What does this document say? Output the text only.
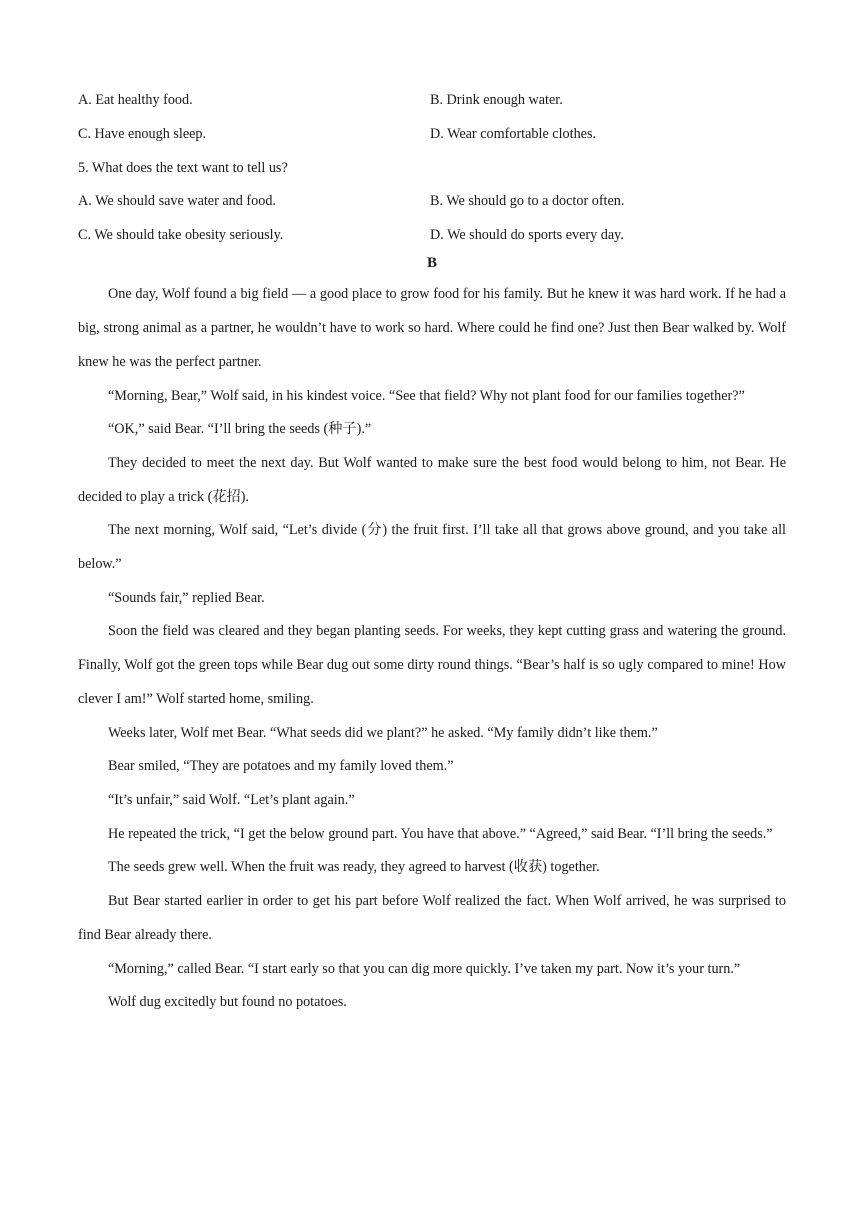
A. Eat healthy food.	B. Drink enough water.
C. Have enough sleep.	D. Wear comfortable clothes.
5. What does the text want to tell us?
A. We should save water and food.	B. We should go to a doctor often.
C. We should take obesity seriously.	D. We should do sports every day.
B

One day, Wolf found a big field — a good place to grow food for his family. But he knew it was hard work. If he had a big, strong animal as a partner, he wouldn’t have to work so hard. Where could he find one? Just then Bear walked by. Wolf knew he was the perfect partner.

“Morning, Bear,” Wolf said, in his kindest voice. “See that field? Why not plant food for our families together?”

“OK,” said Bear. “I’ll bring the seeds (种子).”

They decided to meet the next day. But Wolf wanted to make sure the best food would belong to him, not Bear. He decided to play a trick (花招).

The next morning, Wolf said, “Let’s divide (分) the fruit first. I’ll take all that grows above ground, and you take all below.”

“Sounds fair,” replied Bear.

Soon the field was cleared and they began planting seeds. For weeks, they kept cutting grass and watering the ground. Finally, Wolf got the green tops while Bear dug out some dirty round things. “Bear’s half is so ugly compared to mine! How clever I am!” Wolf started home, smiling.

Weeks later, Wolf met Bear. “What seeds did we plant?” he asked. “My family didn’t like them.”

Bear smiled, “They are potatoes and my family loved them.”

“It’s unfair,” said Wolf. “Let’s plant again.”

He repeated the trick, “I get the below ground part. You have that above.” “Agreed,” said Bear. “I’ll bring the seeds.”

The seeds grew well. When the fruit was ready, they agreed to harvest (收获) together.

But Bear started earlier in order to get his part before Wolf realized the fact. When Wolf arrived, he was surprised to find Bear already there.

“Morning,” called Bear. “I start early so that you can dig more quickly. I’ve taken my part. Now it’s your turn.”

Wolf dug excitedly but found no potatoes.
